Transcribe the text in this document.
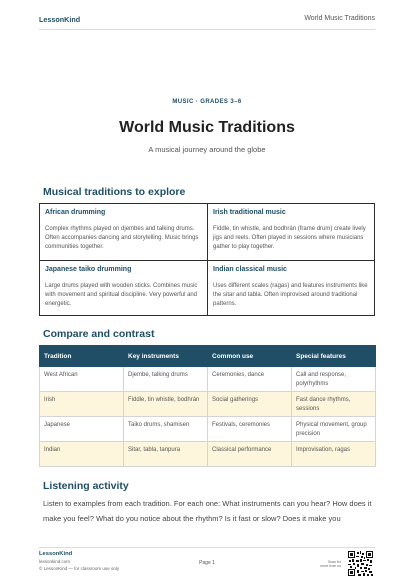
LessonKind	World Music Traditions
MUSIC · GRADES 3–6
World Music Traditions
A musical journey around the globe
Musical traditions to explore
African drumming
Complex rhythms played on djembes and talking drums. Often accompanies dancing and storytelling. Music brings communities together.
Irish traditional music
Fiddle, tin whistle, and bodhrán (frame drum) create lively jigs and reels. Often played in sessions where musicians gather to play together.
Japanese taiko drumming
Large drums played with wooden sticks. Combines music with movement and spiritual discipline. Very powerful and energetic.
Indian classical music
Uses different scales (ragas) and features instruments like the sitar and tabla. Often improvised around traditional patterns.
Compare and contrast
Tradition	Key instruments	Common use	Special features
West African	Djembe, talking drums	Ceremonies, dance	Call and response, polyrhythms
Irish	Fiddle, tin whistle, bodhrán	Social gatherings	Fast dance rhythms, sessions
Japanese	Taiko drums, shamisen	Festivals, ceremonies	Physical movement, group precision
Indian	Sitar, tabla, tanpura	Classical performance	Improvisation, ragas
Listening activity
Listen to examples from each tradition. For each one: What instruments can you hear? How does it make you feel? What do you notice about the rhythm? Is it fast or slow? Does it make you
LessonKind
lessonkind.com
© LessonKind — for classroom use only
Page 1	Scan for
more from us
